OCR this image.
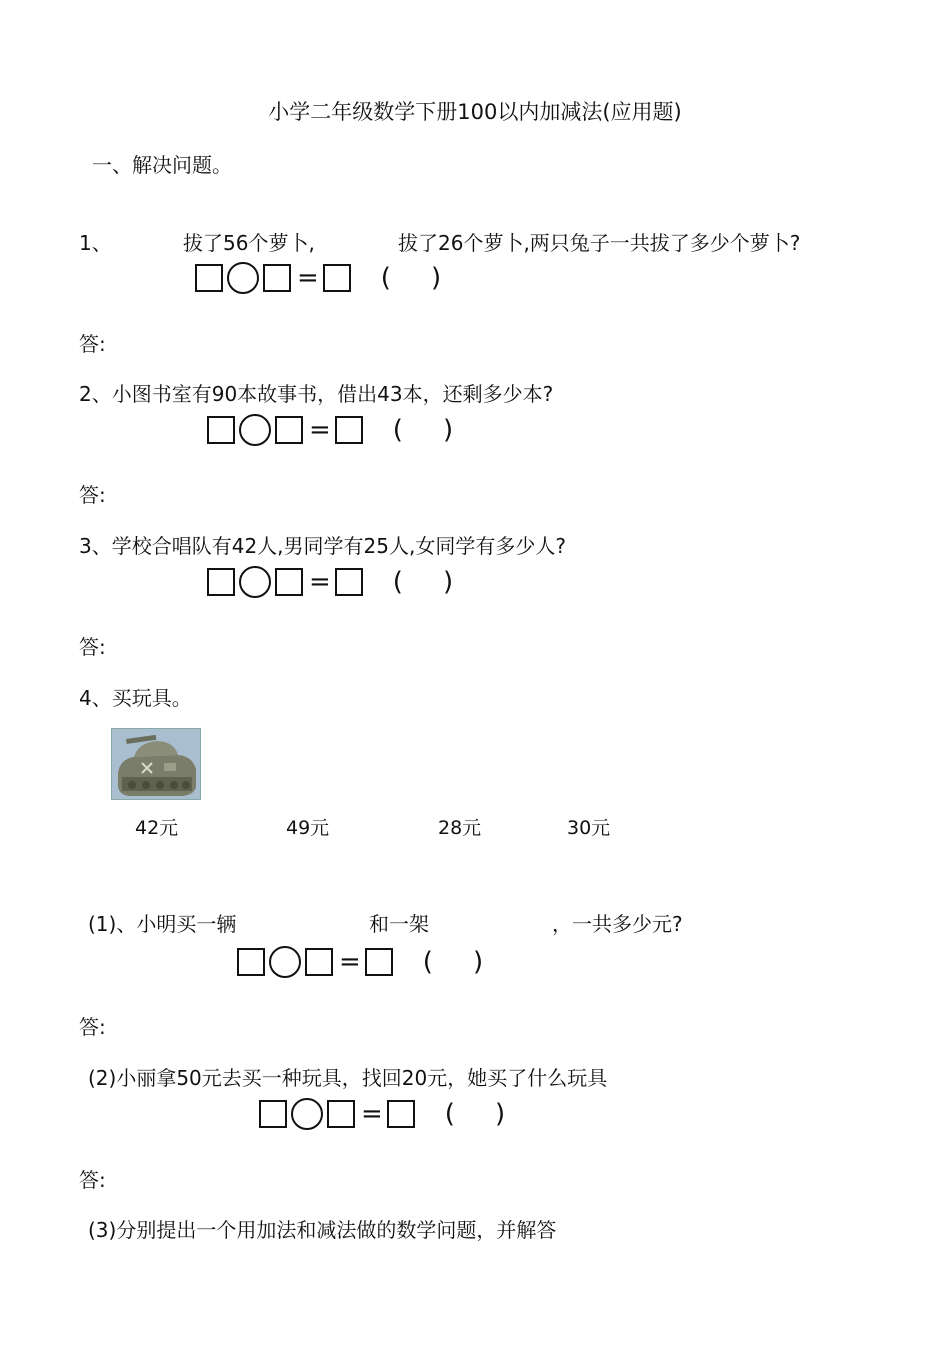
小学二年级数学下册100以内加减法(应用题)
一、解决问题。
1、	拔了56个萝卜,	拔了26个萝卜,两只兔子一共拔了多少个萝卜?
= ( )
答:
2、小图书室有90本故事书，借出43本，还剩多少本?
= ( )
答:
3、学校合唱队有42人,男同学有25人,女同学有多少人?
= ( )
答:
4、买玩具。
42元	49元	28元	30元
(1)、小明买一辆	和一架	，一共多少元?
= ( )
答:
(2)小丽拿50元去买一种玩具，找回20元，她买了什么玩具
= ( )
答:
(3)分别提出一个用加法和减法做的数学问题，并解答
